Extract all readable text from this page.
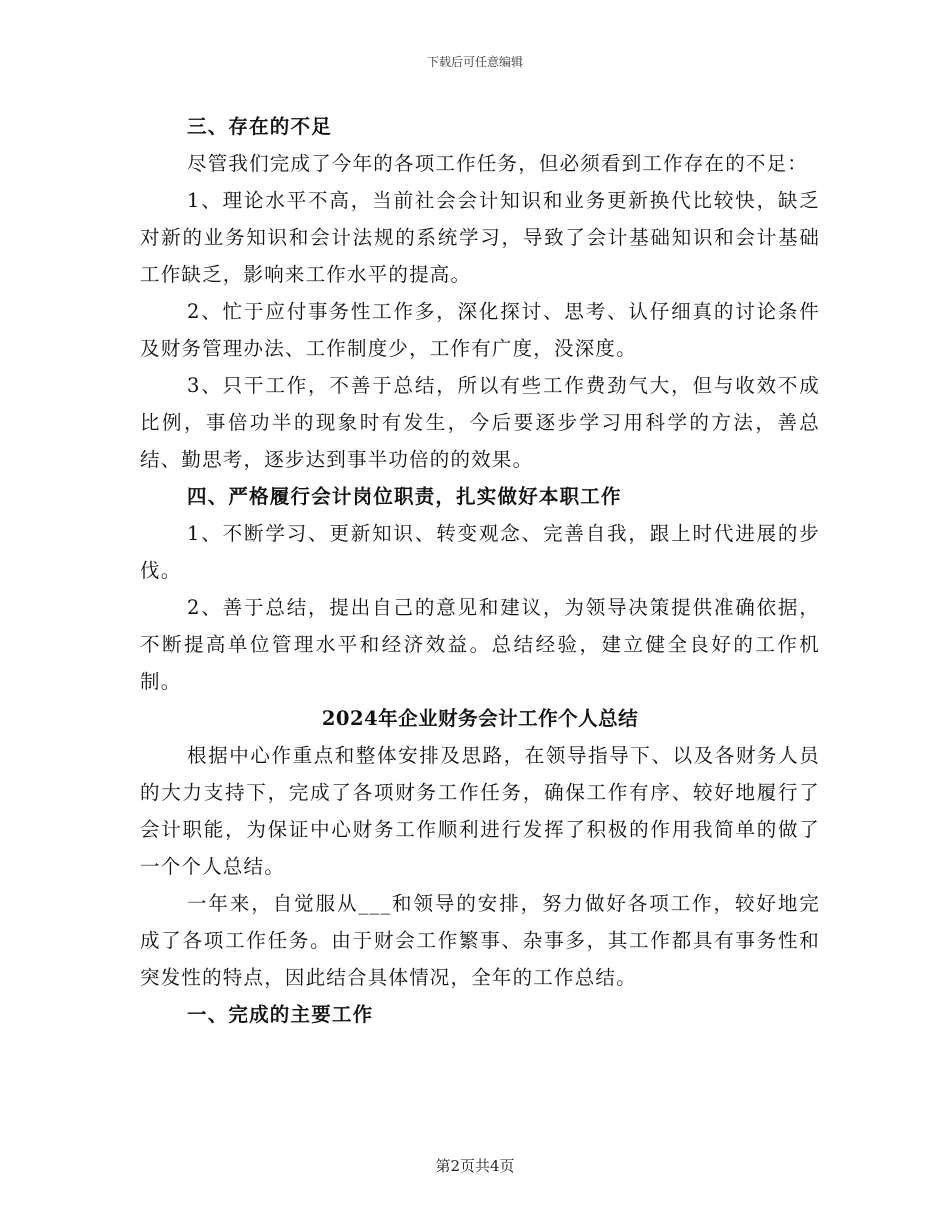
下载后可任意编辑

三、存在的不足

尽管我们完成了今年的各项工作任务，但必须看到工作存在的不足：

1、理论水平不高，当前社会会计知识和业务更新换代比较快，缺乏对新的业务知识和会计法规的系统学习，导致了会计基础知识和会计基础工作缺乏，影响来工作水平的提高。

2、忙于应付事务性工作多，深化探讨、思考、认仔细真的讨论条件及财务管理办法、工作制度少，工作有广度，没深度。

3、只干工作，不善于总结，所以有些工作费劲气大，但与收效不成比例，事倍功半的现象时有发生，今后要逐步学习用科学的方法，善总结、勤思考，逐步达到事半功倍的的效果。

四、严格履行会计岗位职责，扎实做好本职工作

1、不断学习、更新知识、转变观念、完善自我，跟上时代进展的步伐。

2、善于总结，提出自己的意见和建议，为领导决策提供准确依据，不断提高单位管理水平和经济效益。总结经验，建立健全良好的工作机制。

2024年企业财务会计工作个人总结

根据中心作重点和整体安排及思路，在领导指导下、以及各财务人员的大力支持下，完成了各项财务工作任务，确保工作有序、较好地履行了会计职能，为保证中心财务工作顺利进行发挥了积极的作用我简单的做了一个个人总结。

一年来，自觉服从___和领导的安排，努力做好各项工作，较好地完成了各项工作任务。由于财会工作繁事、杂事多，其工作都具有事务性和突发性的特点，因此结合具体情况，全年的工作总结。

一、完成的主要工作

第2页共4页
